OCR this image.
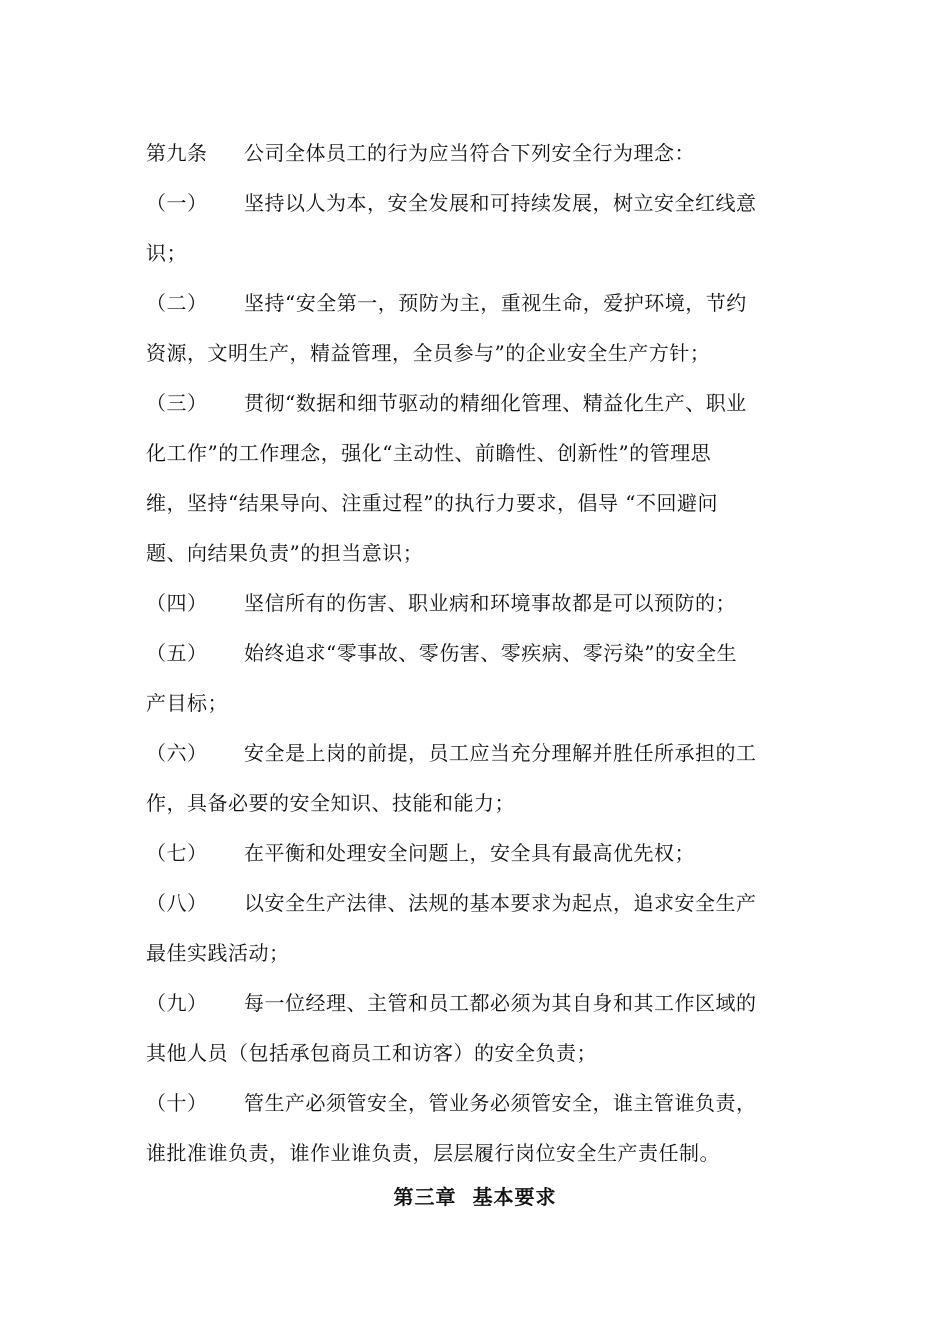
第九条 公司全体员工的行为应当符合下列安全行为理念：
（一） 坚持以人为本，安全发展和可持续发展，树立安全红线意
识；
（二） 坚持“安全第一，预防为主，重视生命，爱护环境，节约
资源，文明生产，精益管理，全员参与”的企业安全生产方针；
（三） 贯彻“数据和细节驱动的精细化管理、精益化生产、职业
化工作”的工作理念，强化“主动性、前瞻性、创新性”的管理思
维，坚持“结果导向、注重过程”的执行力要求，倡导 “不回避问
题、向结果负责”的担当意识；
（四） 坚信所有的伤害、职业病和环境事故都是可以预防的；
（五） 始终追求“零事故、零伤害、零疾病、零污染”的安全生
产目标；
（六） 安全是上岗的前提，员工应当充分理解并胜任所承担的工
作，具备必要的安全知识、技能和能力；
（七） 在平衡和处理安全问题上，安全具有最高优先权；
（八） 以安全生产法律、法规的基本要求为起点，追求安全生产
最佳实践活动；
（九） 每一位经理、主管和员工都必须为其自身和其工作区域的
其他人员（包括承包商员工和访客）的安全负责；
（十） 管生产必须管安全，管业务必须管安全，谁主管谁负责，
谁批准谁负责，谁作业谁负责，层层履行岗位安全生产责任制。
第三章  基本要求
